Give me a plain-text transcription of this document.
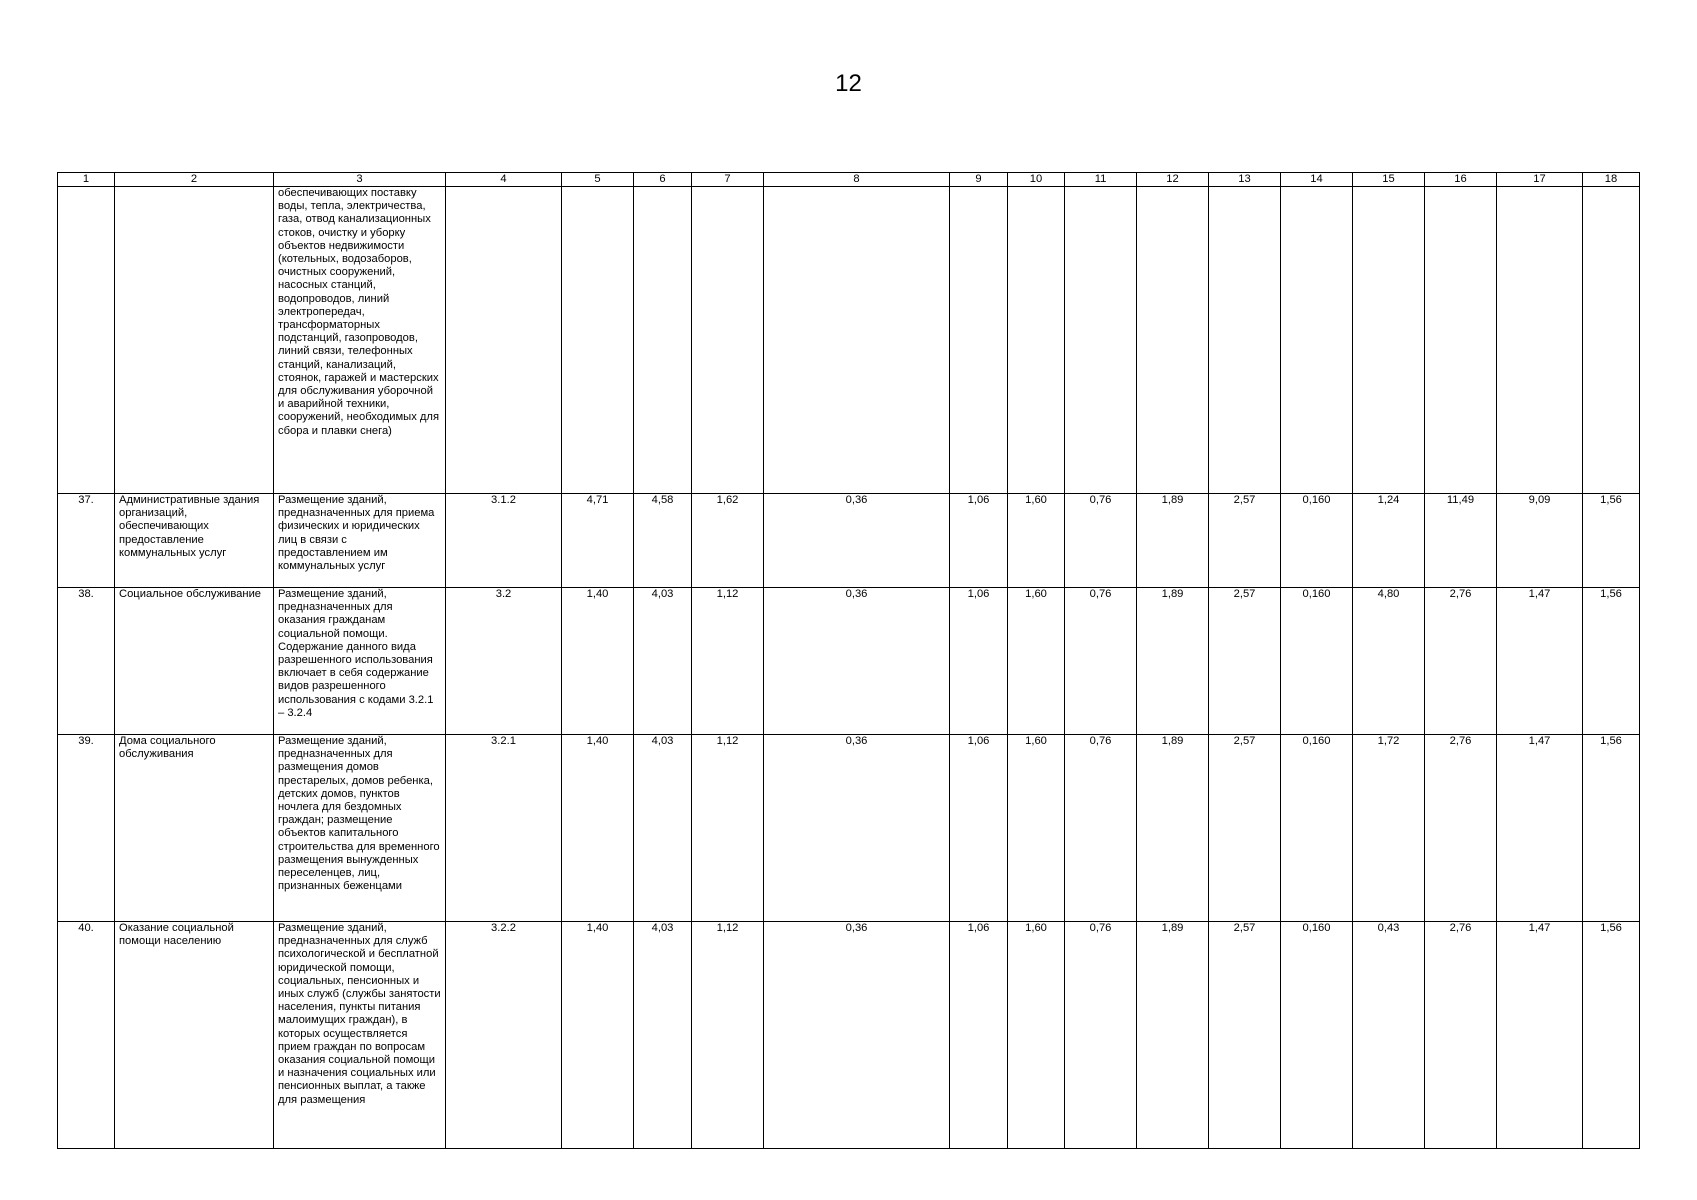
12
1	2	3	4	5	6	7	8	9	10	11	12	13	14	15	16	17	18
		обеспечивающих поставку воды, тепла, электричества, газа, отвод канализационных стоков, очистку и уборку объектов недвижимости (котельных, водозаборов, очистных сооружений, насосных станций, водопроводов, линий электропередач, трансформаторных подстанций, газопроводов, линий связи, телефонных станций, канализаций, стоянок, гаражей и мастерских для обслуживания уборочной и аварийной техники, сооружений, необходимых для сбора и плавки снега)															
37.	Административные здания организаций, обеспечивающих предоставление коммунальных услуг	Размещение зданий, предназначенных для приема физических и юридических лиц в связи с предоставлением им коммунальных услуг	3.1.2	4,71	4,58	1,62	0,36	1,06	1,60	0,76	1,89	2,57	0,160	1,24	11,49	9,09	1,56
38.	Социальное обслуживание	Размещение зданий, предназначенных для оказания гражданам социальной помощи. Содержание данного вида разрешенного использования включает в себя содержание видов разрешенного использования с кодами 3.2.1 – 3.2.4	3.2	1,40	4,03	1,12	0,36	1,06	1,60	0,76	1,89	2,57	0,160	4,80	2,76	1,47	1,56
39.	Дома социального обслуживания	Размещение зданий, предназначенных для размещения домов престарелых, домов ребенка, детских домов, пунктов ночлега для бездомных граждан; размещение объектов капитального строительства для временного размещения вынужденных переселенцев, лиц, признанных беженцами	3.2.1	1,40	4,03	1,12	0,36	1,06	1,60	0,76	1,89	2,57	0,160	1,72	2,76	1,47	1,56
40.	Оказание социальной помощи населению	Размещение зданий, предназначенных для служб психологической и бесплатной юридической помощи, социальных, пенсионных и иных служб (службы занятости населения, пункты питания малоимущих граждан), в которых осуществляется прием граждан по вопросам оказания социальной помощи и назначения социальных или пенсионных выплат, а также для размещения	3.2.2	1,40	4,03	1,12	0,36	1,06	1,60	0,76	1,89	2,57	0,160	0,43	2,76	1,47	1,56
